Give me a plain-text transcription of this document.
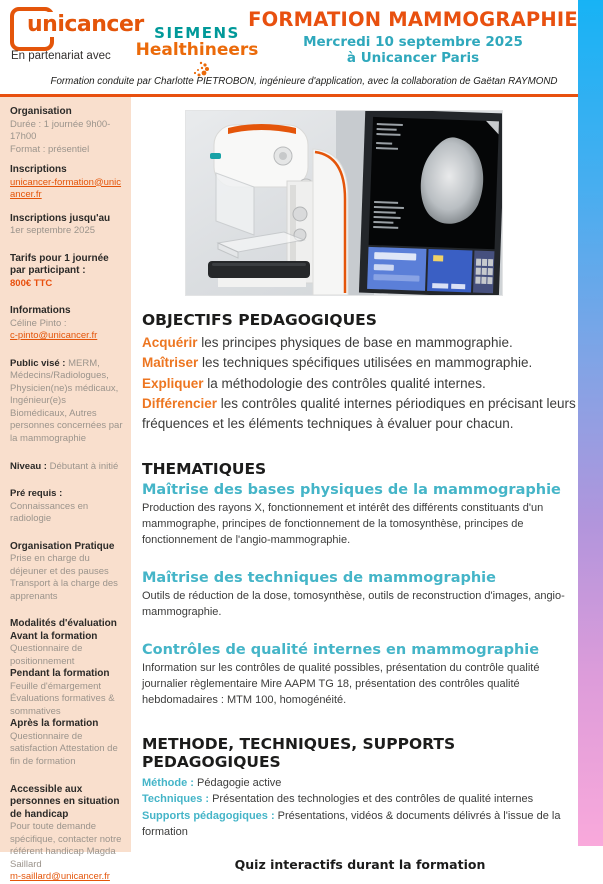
unicancer
En partenariat avec
SIEMENS
Healthineers
FORMATION MAMMOGRAPHIE
Mercredi 10 septembre 2025
à Unicancer Paris
Formation conduite par Charlotte PIETROBON, ingénieure d'application, avec la collaboration de Gaëtan RAYMOND
Organisation
Durée : 1 journée 9h00-17h00
Format : présentiel
Inscriptions
unicancer-formation@unicancer.fr
Inscriptions jusqu'au
1er septembre 2025
Tarifs pour 1 journée par participant :
800€ TTC
Informations
Céline Pinto :
c-pinto@unicancer.fr
Public visé : MERM, Médecins/Radiologues, Physicien(ne)s médicaux, Ingénieur(e)s Biomédicaux, Autres personnes concernées par la mammographie
Niveau : Débutant à initié
Pré requis : Connaissances en radiologie
Organisation Pratique
Prise en charge du déjeuner et des pauses Transport à la charge des apprenants
Modalités d'évaluation
Avant la formation
Questionnaire de positionnement
Pendant la formation
Feuille d'émargement Évaluations formatives & sommatives
Après la formation
Questionnaire de satisfaction Attestation de fin de formation
Accessible aux personnes en situation de handicap
Pour toute demande spécifique, contacter notre référent handicap Magda Saillard
m-saillard@unicancer.fr
OBJECTIFS PEDAGOGIQUES

Acquérir les principes physiques de base en mammographie.

Maîtriser les techniques spécifiques utilisées en mammographie.

Expliquer la méthodologie des contrôles qualité internes.

Différencier les contrôles qualité internes périodiques en précisant leurs fréquences et les éléments techniques à évaluer pour chacun.

THEMATIQUES
Maîtrise des bases physiques de la mammographie

Production des rayons X, fonctionnement et intérêt des différents constituants d'un mammographe, principes de fonctionnement de la tomosynthèse, principes de fonctionnement de l'angio-mammographie.

Maîtrise des techniques de mammographie

Outils de réduction de la dose, tomosynthèse, outils de reconstruction d'images, angio-mammographie.

Contrôles de qualité internes en mammographie

Information sur les contrôles de qualité possibles, présentation du contrôle qualité journalier règlementaire Mire AAPM TG 18, présentation des contrôles qualité hebdomadaires : MTM 100, homogénéité.

METHODE, TECHNIQUES, SUPPORTS PEDAGOGIQUES

Méthode : Pédagogie active

Techniques : Présentation des technologies et des contrôles de qualité internes

Supports pédagogiques : Présentations, vidéos & documents délivrés à l'issue de la formation

Quiz interactifs durant la formation
